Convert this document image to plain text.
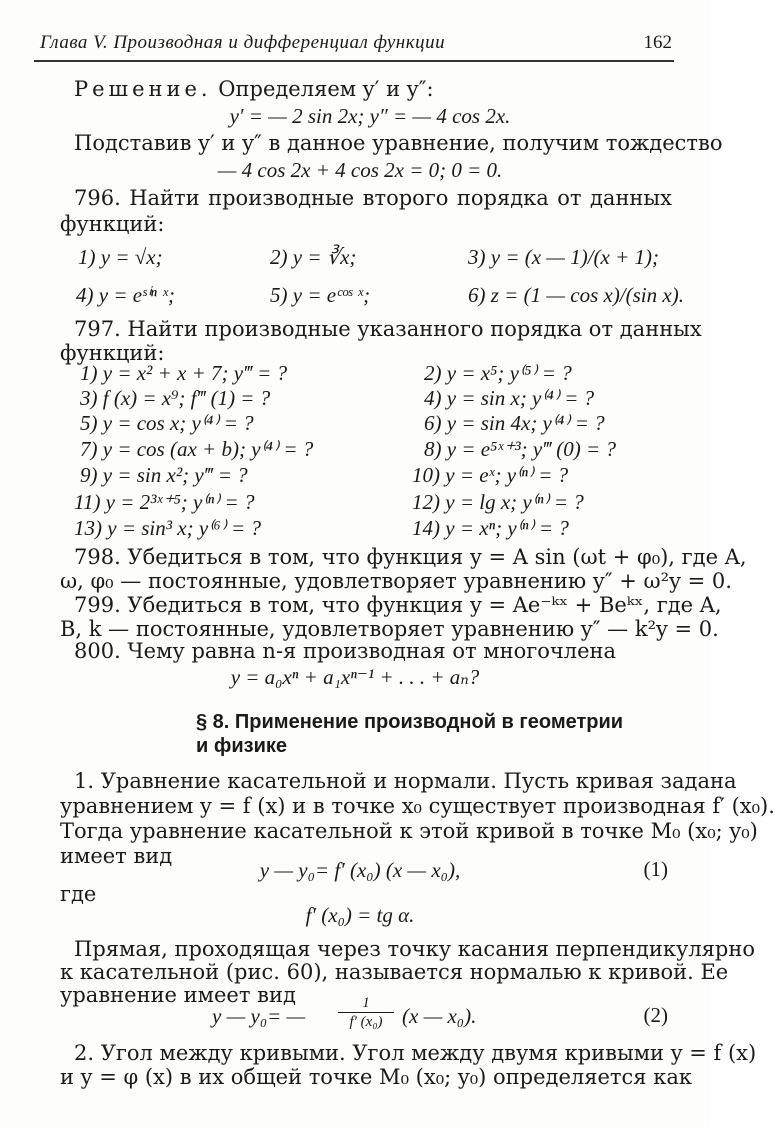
Глава V. Производная и дифференциал функции	162
Решение. Определяем y′ и y″:
y′ = — 2 sin 2x; y″ = — 4 cos 2x.
Подставив y′ и y″ в данное уравнение, получим тождество
— 4 cos 2x + 4 cos 2x = 0; 0 = 0.
796. Найти производные второго порядка от данных
функций:
1) y = √x;	2) y = ∛x;	3) y = (x — 1)/(x + 1);
4) y = eˢⁱⁿ ˣ;	5) y = eᶜᵒˢ ˣ;	6) z = (1 — cos x)/(sin x).
797. Найти производные указанного порядка от данных
функций:
1) y = x² + x + 7; y‴ = ?	2) y = x⁵; y⁽⁵⁾ = ?
3) f (x) = x⁹; f‴ (1) = ?	4) y = sin x; y⁽⁴⁾ = ?
5) y = cos x; y⁽⁴⁾ = ?	6) y = sin 4x; y⁽⁴⁾ = ?
7) y = cos (ax + b); y⁽⁴⁾ = ?	8) y = e⁵ˣ⁺³; y‴ (0) = ?
9) y = sin x²; y‴ = ?	10) y = eˣ; y⁽ⁿ⁾ = ?
11) y = 2³ˣ⁺⁵; y⁽ⁿ⁾ = ?	12) y = lg x; y⁽ⁿ⁾ = ?
13) y = sin³ x; y⁽⁶⁾ = ?	14) y = xⁿ; y⁽ⁿ⁾ = ?
798. Убедиться в том, что функция y = A sin (ωt + φ₀), где A,
ω, φ₀ — постоянные, удовлетворяет уравнению y″ + ω²y = 0.
799. Убедиться в том, что функция y = Ae⁻ᵏˣ + Beᵏˣ, где A,
B, k — постоянные, удовлетворяет уравнению y″ — k²y = 0.
800. Чему равна n-я производная от многочлена
y = a₀xⁿ + a₁xⁿ⁻¹ + . . . + aₙ?
§ 8. Применение производной в геометрии
и физике
1. Уравнение касательной и нормали. Пусть кривая задана
уравнением y = f (x) и в точке x₀ существует производная f′ (x₀).
Тогда уравнение касательной к этой кривой в точке M₀ (x₀; y₀)
имеет вид
y — y₀= f′ (x₀) (x — x₀),	(1)
где
f′ (x₀) = tg α.
Прямая, проходящая через точку касания перпендикулярно
к касательной (рис. 60), называется нормалью к кривой. Ее
уравнение имеет вид
y — y₀= — $\frac{1}{\text{f′ (x₀)}} (x$ — x₀).	(2)
2. Угол между кривыми. Угол между двумя кривыми y = f (x)
и y = φ (x) в их общей точке M₀ (x₀; y₀) определяется как
